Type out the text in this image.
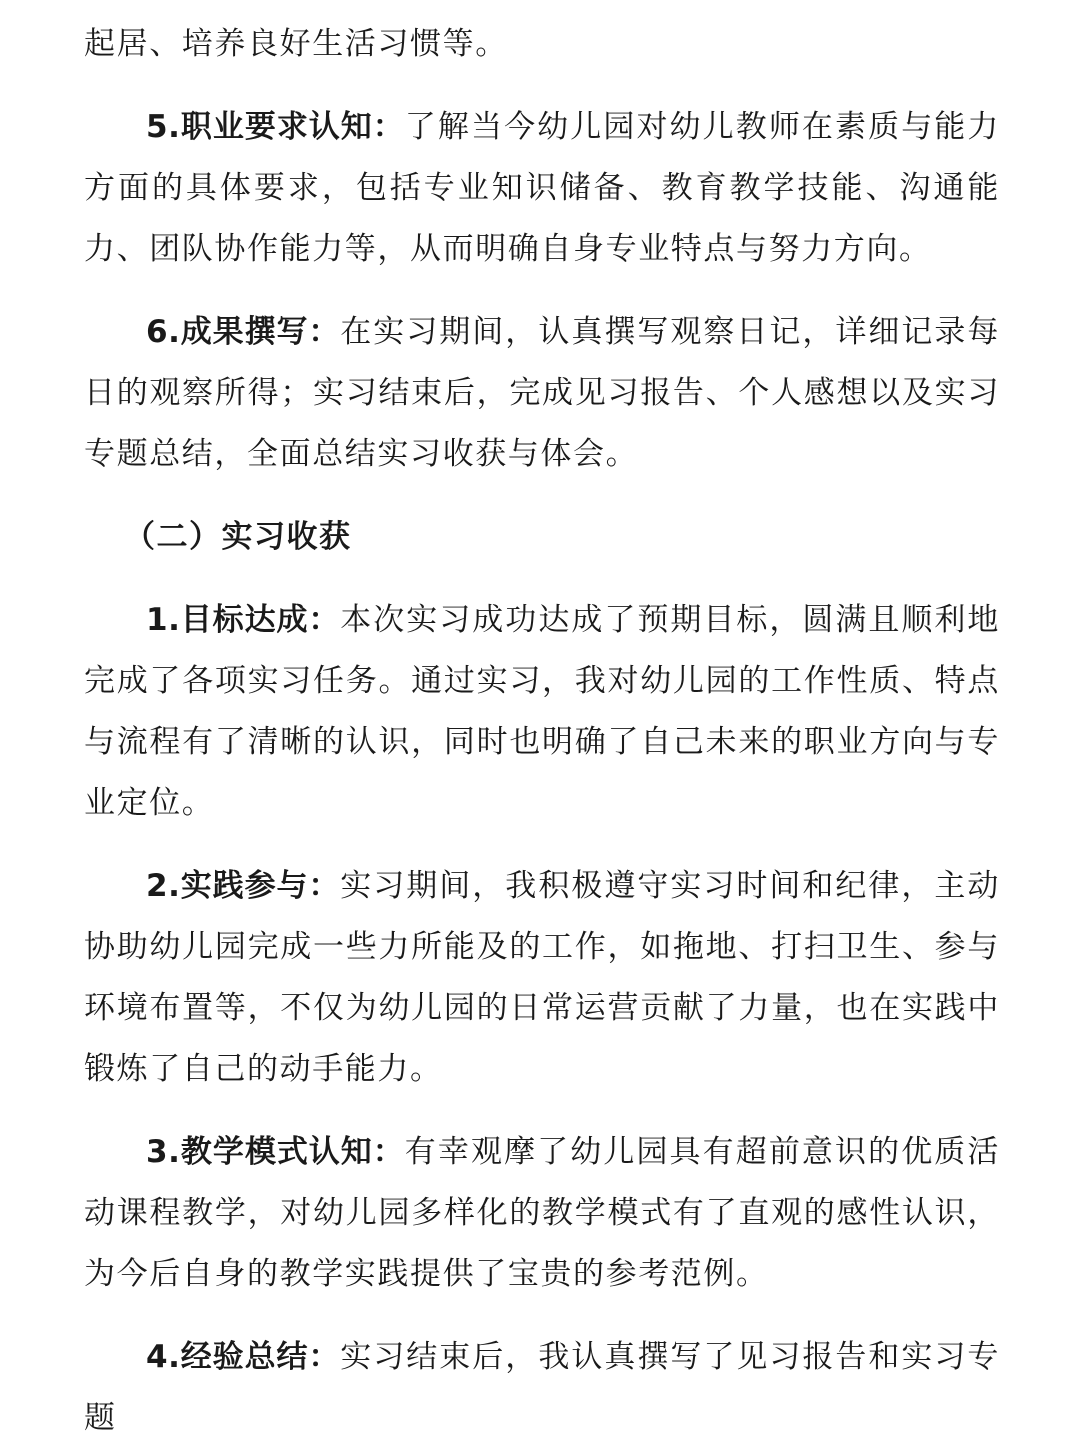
起居、培养良好生活习惯等。

5.职业要求认知：了解当今幼儿园对幼儿教师在素质与能力方面的具体要求，包括专业知识储备、教育教学技能、沟通能力、团队协作能力等，从而明确自身专业特点与努力方向。

6.成果撰写：在实习期间，认真撰写观察日记，详细记录每日的观察所得；实习结束后，完成见习报告、个人感想以及实习专题总结，全面总结实习收获与体会。

（二）实习收获

1.目标达成：本次实习成功达成了预期目标，圆满且顺利地完成了各项实习任务。通过实习，我对幼儿园的工作性质、特点与流程有了清晰的认识，同时也明确了自己未来的职业方向与专业定位。

2.实践参与：实习期间，我积极遵守实习时间和纪律，主动协助幼儿园完成一些力所能及的工作，如拖地、打扫卫生、参与环境布置等，不仅为幼儿园的日常运营贡献了力量，也在实践中锻炼了自己的动手能力。

3.教学模式认知：有幸观摩了幼儿园具有超前意识的优质活动课程教学，对幼儿园多样化的教学模式有了直观的感性认识，为今后自身的教学实践提供了宝贵的参考范例。

4.经验总结：实习结束后，我认真撰写了见习报告和实习专题
